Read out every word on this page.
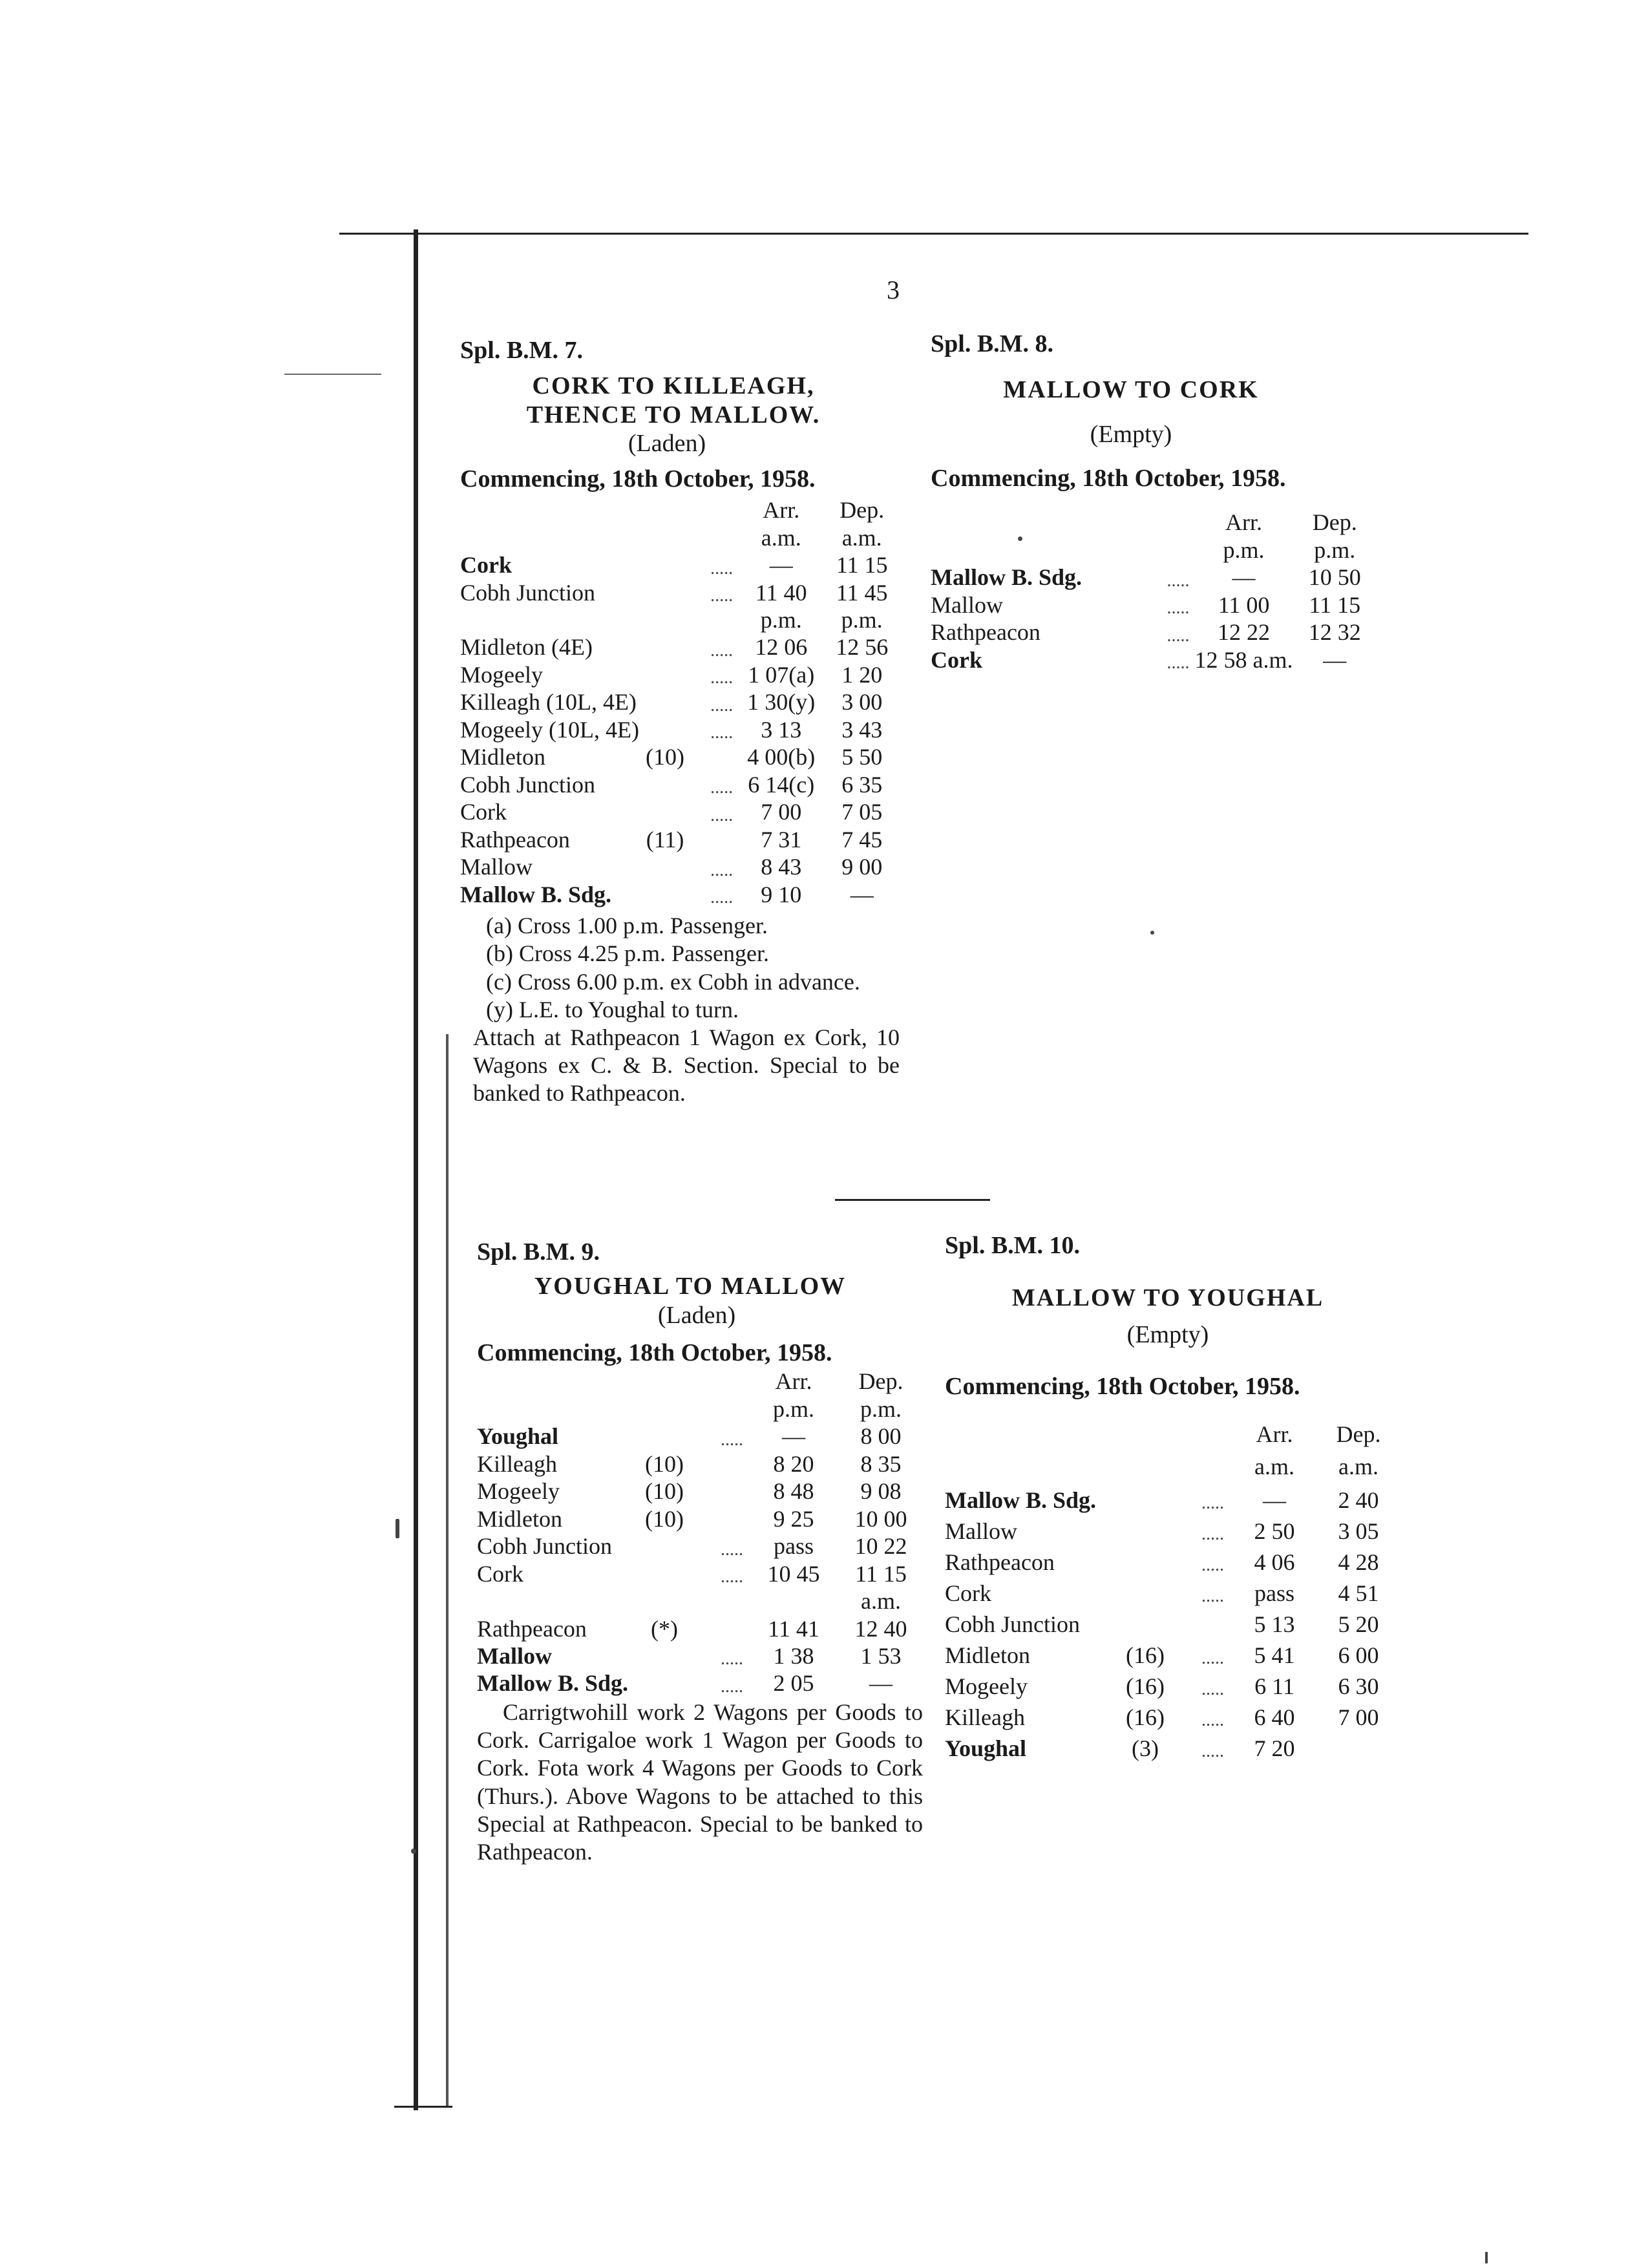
3
Spl. B.M. 7.
CORK TO KILLEAGH,
THENCE TO MALLOW.
(Laden)
Commencing, 18th October, 1958.
			Arr.	Dep.
			a.m.	a.m.
Cork		.....	—	11 15
Cobh Junction		.....	11 40	11 45
			p.m.	p.m.
Midleton (4E)		.....	12 06	12 56
Mogeely		.....	1 07(a)	1 20
Killeagh (10L, 4E)		.....	1 30(y)	3 00
Mogeely (10L, 4E)		.....	3 13	3 43
Midleton	(10)		4 00(b)	5 50
Cobh Junction		.....	6 14(c)	6 35
Cork		.....	7 00	7 05
Rathpeacon	(11)		7 31	7 45
Mallow		.....	8 43	9 00
Mallow B. Sdg.		.....	9 10	—
(a) Cross 1.00 p.m. Passenger.
(b) Cross 4.25 p.m. Passenger.
(c) Cross 6.00 p.m. ex Cobh in advance.
(y) L.E. to Youghal to turn.
Attach at Rathpeacon 1 Wagon ex Cork, 10 Wagons ex C. & B. Section. Special to be banked to Rathpeacon.
Spl. B.M. 8.
MALLOW TO CORK
(Empty)
Commencing, 18th October, 1958.
			Arr.	Dep.
			p.m.	p.m.
Mallow B. Sdg.		.....	—	10 50
Mallow		.....	11 00	11 15
Rathpeacon		.....	12 22	12 32
Cork		.....	12 58 a.m.	—
Spl. B.M. 9.
YOUGHAL TO MALLOW
(Laden)
Commencing, 18th October, 1958.
			Arr.	Dep.
			p.m.	p.m.
Youghal		.....	—	8 00
Killeagh	(10)		8 20	8 35
Mogeely	(10)		8 48	9 08
Midleton	(10)		9 25	10 00
Cobh Junction		.....	pass	10 22
Cork		.....	10 45	11 15
				a.m.
Rathpeacon	(*)		11 41	12 40
Mallow		.....	1 38	1 53
Mallow B. Sdg.		.....	2 05	—
Carrigtwohill work 2 Wagons per Goods to Cork. Carrigaloe work 1 Wagon per Goods to Cork. Fota work 4 Wagons per Goods to Cork (Thurs.). Above Wagons to be attached to this Special at Rathpeacon. Special to be banked to Rathpeacon.
Spl. B.M. 10.
MALLOW TO YOUGHAL
(Empty)
Commencing, 18th October, 1958.
			Arr.	Dep.
			a.m.	a.m.
Mallow B. Sdg.		.....	—	2 40
Mallow		.....	2 50	3 05
Rathpeacon		.....	4 06	4 28
Cork		.....	pass	4 51
Cobh Junction			5 13	5 20
Midleton	(16)	.....	5 41	6 00
Mogeely	(16)	.....	6 11	6 30
Killeagh	(16)	.....	6 40	7 00
Youghal	(3)	.....	7 20	
